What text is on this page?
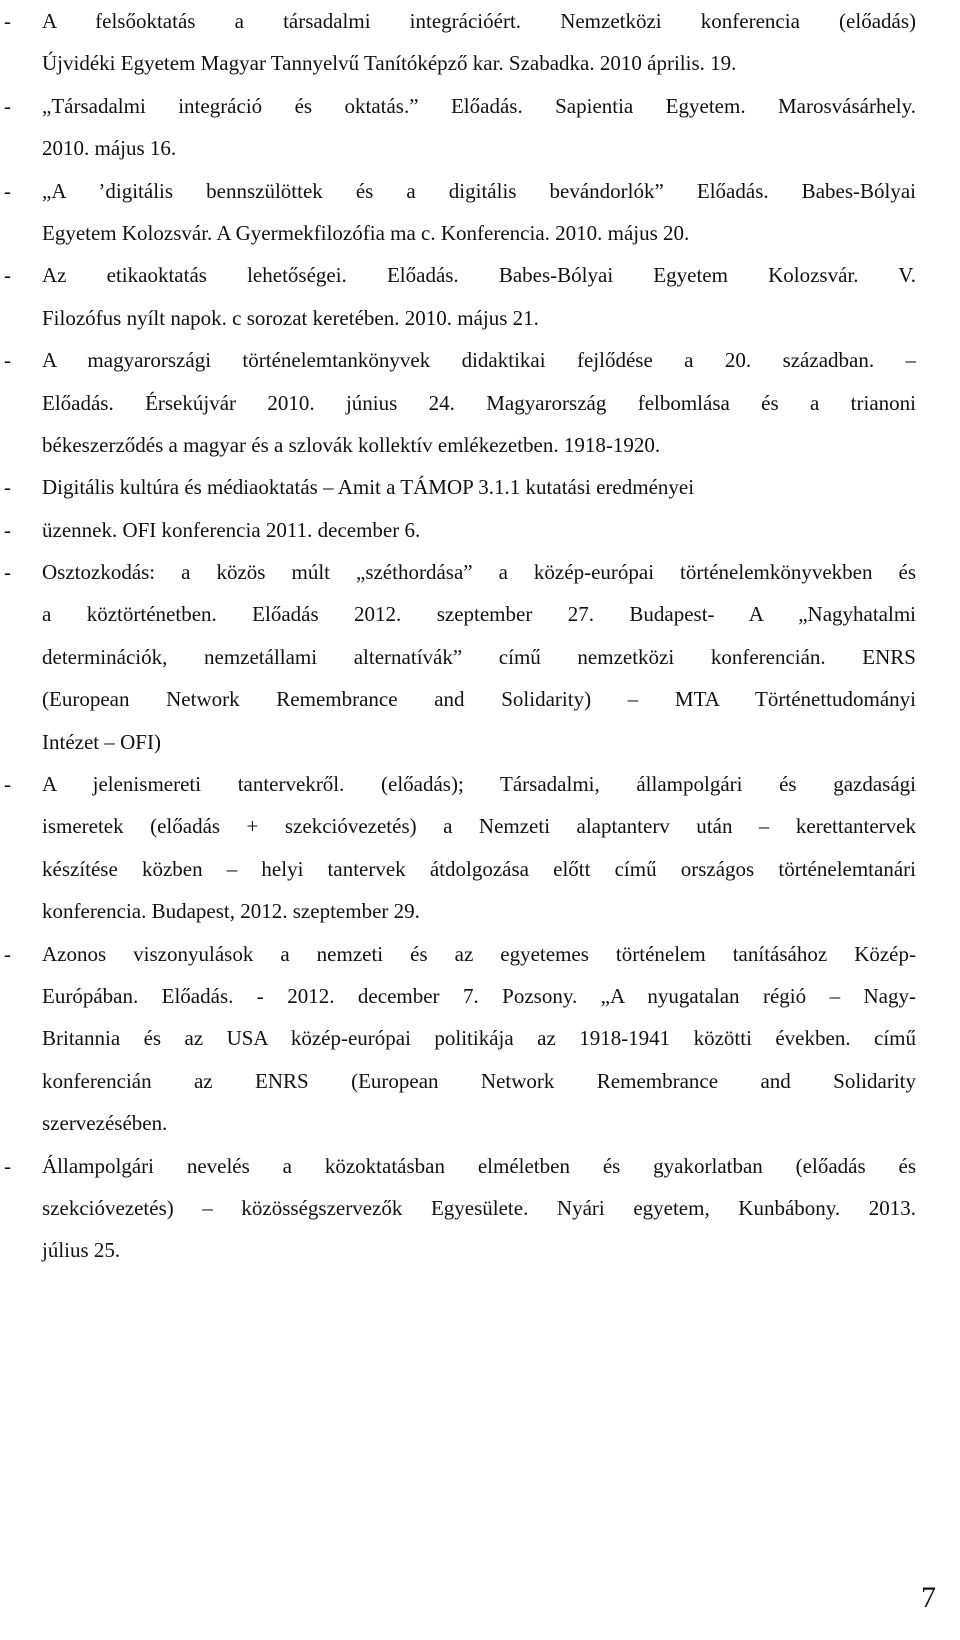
- A felsőoktatás a társadalmi integrációért. Nemzetközi konferencia (előadás)
Újvidéki Egyetem Magyar Tannyelvű Tanítóképző kar. Szabadka. 2010 április. 19.
- „Társadalmi integráció és oktatás.” Előadás. Sapientia Egyetem. Marosvásárhely.
2010. május 16.
- „A ’digitális bennszülöttek és a digitális bevándorlók” Előadás. Babes-Bólyai
Egyetem Kolozsvár. A Gyermekfilozófia ma c. Konferencia. 2010. május 20.
- Az etikaoktatás lehetőségei. Előadás. Babes-Bólyai Egyetem Kolozsvár. V.
Filozófus nyílt napok. c sorozat keretében. 2010. május 21.
- A magyarországi történelemtankönyvek didaktikai fejlődése a 20. században. –
Előadás. Érsekújvár 2010. június 24. Magyarország felbomlása és a trianoni
békeszerződés a magyar és a szlovák kollektív emlékezetben. 1918-1920.
- Digitális kultúra és médiaoktatás – Amit a TÁMOP 3.1.1 kutatási eredményei
- üzennek. OFI konferencia 2011. december 6.
- Osztozkodás: a közös múlt „széthordása” a közép-európai történelemkönyvekben és
a köztörténetben. Előadás 2012. szeptember 27. Budapest- A „Nagyhatalmi
determinációk, nemzetállami alternatívák” című nemzetközi konferencián. ENRS
(European Network Remembrance and Solidarity) – MTA Történettudományi
Intézet – OFI)
- A jelenismereti tantervekről. (előadás); Társadalmi, állampolgári és gazdasági
ismeretek (előadás + szekcióvezetés) a Nemzeti alaptanterv után – kerettantervek
készítése közben – helyi tantervek átdolgozása előtt című országos történelemtanári
konferencia. Budapest, 2012. szeptember 29.
- Azonos viszonyulások a nemzeti és az egyetemes történelem tanításához Közép-
Európában. Előadás. - 2012. december 7. Pozsony. „A nyugatalan régió – Nagy-
Britannia és az USA közép-európai politikája az 1918-1941 közötti években. című
konferencián az ENRS (European Network Remembrance and Solidarity
szervezésében.
- Állampolgári nevelés a közoktatásban elméletben és gyakorlatban (előadás és
szekcióvezetés) – közösségszervezők Egyesülete. Nyári egyetem, Kunbábony. 2013.
július 25.
7
